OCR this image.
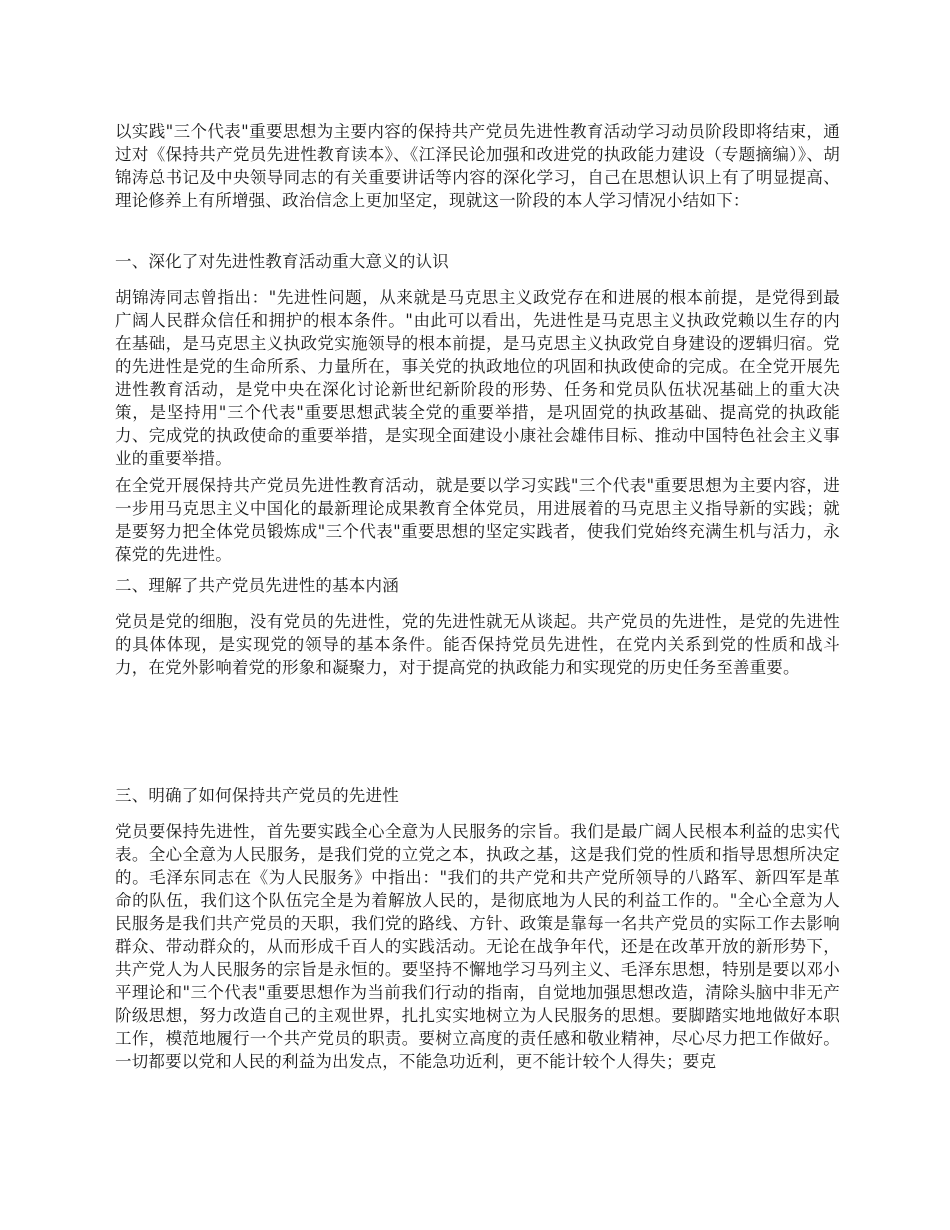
以实践"三个代表"重要思想为主要内容的保持共产党员先进性教育活动学习动员阶段即将结束，通过对《保持共产党员先进性教育读本》、《江泽民论加强和改进党的执政能力建设（专题摘编）》、胡锦涛总书记及中央领导同志的有关重要讲话等内容的深化学习，自己在思想认识上有了明显提高、理论修养上有所增强、政治信念上更加坚定，现就这一阶段的本人学习情况小结如下：

一、深化了对先进性教育活动重大意义的认识

胡锦涛同志曾指出："先进性问题，从来就是马克思主义政党存在和进展的根本前提，是党得到最广阔人民群众信任和拥护的根本条件。"由此可以看出，先进性是马克思主义执政党赖以生存的内在基础，是马克思主义执政党实施领导的根本前提，是马克思主义执政党自身建设的逻辑归宿。党的先进性是党的生命所系、力量所在，事关党的执政地位的巩固和执政使命的完成。在全党开展先进性教育活动，是党中央在深化讨论新世纪新阶段的形势、任务和党员队伍状况基础上的重大决策，是坚持用"三个代表"重要思想武装全党的重要举措，是巩固党的执政基础、提高党的执政能力、完成党的执政使命的重要举措，是实现全面建设小康社会雄伟目标、推动中国特色社会主义事业的重要举措。

在全党开展保持共产党员先进性教育活动，就是要以学习实践"三个代表"重要思想为主要内容，进一步用马克思主义中国化的最新理论成果教育全体党员，用进展着的马克思主义指导新的实践；就是要努力把全体党员锻炼成"三个代表"重要思想的坚定实践者，使我们党始终充满生机与活力，永葆党的先进性。

二、理解了共产党员先进性的基本内涵

党员是党的细胞，没有党员的先进性，党的先进性就无从谈起。共产党员的先进性，是党的先进性的具体体现，是实现党的领导的基本条件。能否保持党员先进性，在党内关系到党的性质和战斗力，在党外影响着党的形象和凝聚力，对于提高党的执政能力和实现党的历史任务至善重要。

三、明确了如何保持共产党员的先进性

党员要保持先进性，首先要实践全心全意为人民服务的宗旨。我们是最广阔人民根本利益的忠实代表。全心全意为人民服务，是我们党的立党之本，执政之基，这是我们党的性质和指导思想所决定的。毛泽东同志在《为人民服务》中指出："我们的共产党和共产党所领导的八路军、新四军是革命的队伍，我们这个队伍完全是为着解放人民的，是彻底地为人民的利益工作的。"全心全意为人民服务是我们共产党员的天职，我们党的路线、方针、政策是靠每一名共产党员的实际工作去影响群众、带动群众的，从而形成千百人的实践活动。无论在战争年代，还是在改革开放的新形势下，共产党人为人民服务的宗旨是永恒的。要坚持不懈地学习马列主义、毛泽东思想，特别是要以邓小平理论和"三个代表"重要思想作为当前我们行动的指南，自觉地加强思想改造，清除头脑中非无产阶级思想，努力改造自己的主观世界，扎扎实实地树立为人民服务的思想。要脚踏实地地做好本职工作，模范地履行一个共产党员的职责。要树立高度的责任感和敬业精神，尽心尽力把工作做好。一切都要以党和人民的利益为出发点，不能急功近利，更不能计较个人得失；要克
